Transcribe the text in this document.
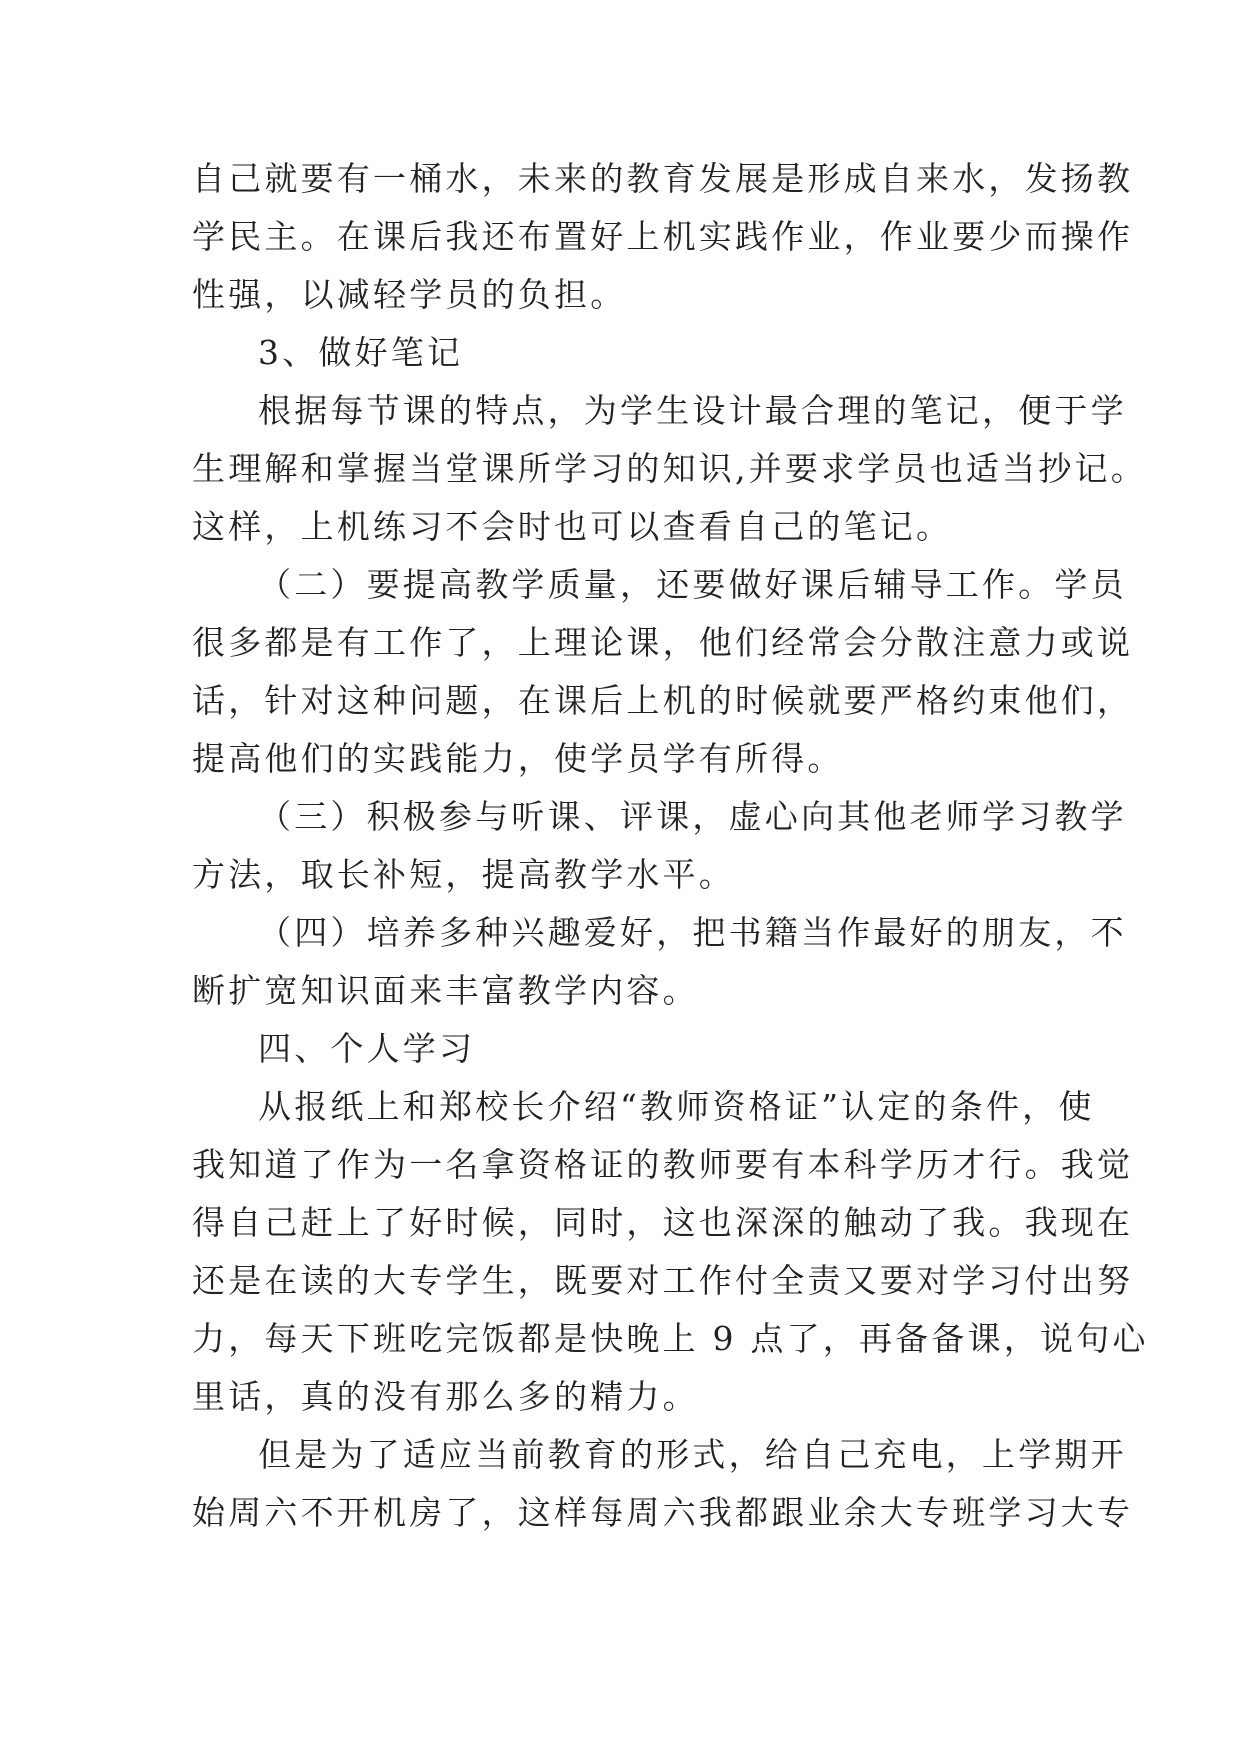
自己就要有一桶水，未来的教育发展是形成自来水，发扬教
学民主。在课后我还布置好上机实践作业，作业要少而操作
性强，以减轻学员的负担。
3、做好笔记
根据每节课的特点，为学生设计最合理的笔记，便于学
生理解和掌握当堂课所学习的知识,并要求学员也适当抄记。
这样，上机练习不会时也可以查看自己的笔记。
（二）要提高教学质量，还要做好课后辅导工作。学员
很多都是有工作了，上理论课，他们经常会分散注意力或说
话，针对这种问题，在课后上机的时候就要严格约束他们，
提高他们的实践能力，使学员学有所得。
（三）积极参与听课、评课，虚心向其他老师学习教学
方法，取长补短，提高教学水平。
（四）培养多种兴趣爱好，把书籍当作最好的朋友，不
断扩宽知识面来丰富教学内容。
四、个人学习
从报纸上和郑校长介绍“教师资格证”认定的条件，使
我知道了作为一名拿资格证的教师要有本科学历才行。我觉
得自己赶上了好时候，同时，这也深深的触动了我。我现在
还是在读的大专学生，既要对工作付全责又要对学习付出努
力，每天下班吃完饭都是快晚上 9 点了，再备备课，说句心
里话，真的没有那么多的精力。
但是为了适应当前教育的形式，给自己充电，上学期开
始周六不开机房了，这样每周六我都跟业余大专班学习大专
